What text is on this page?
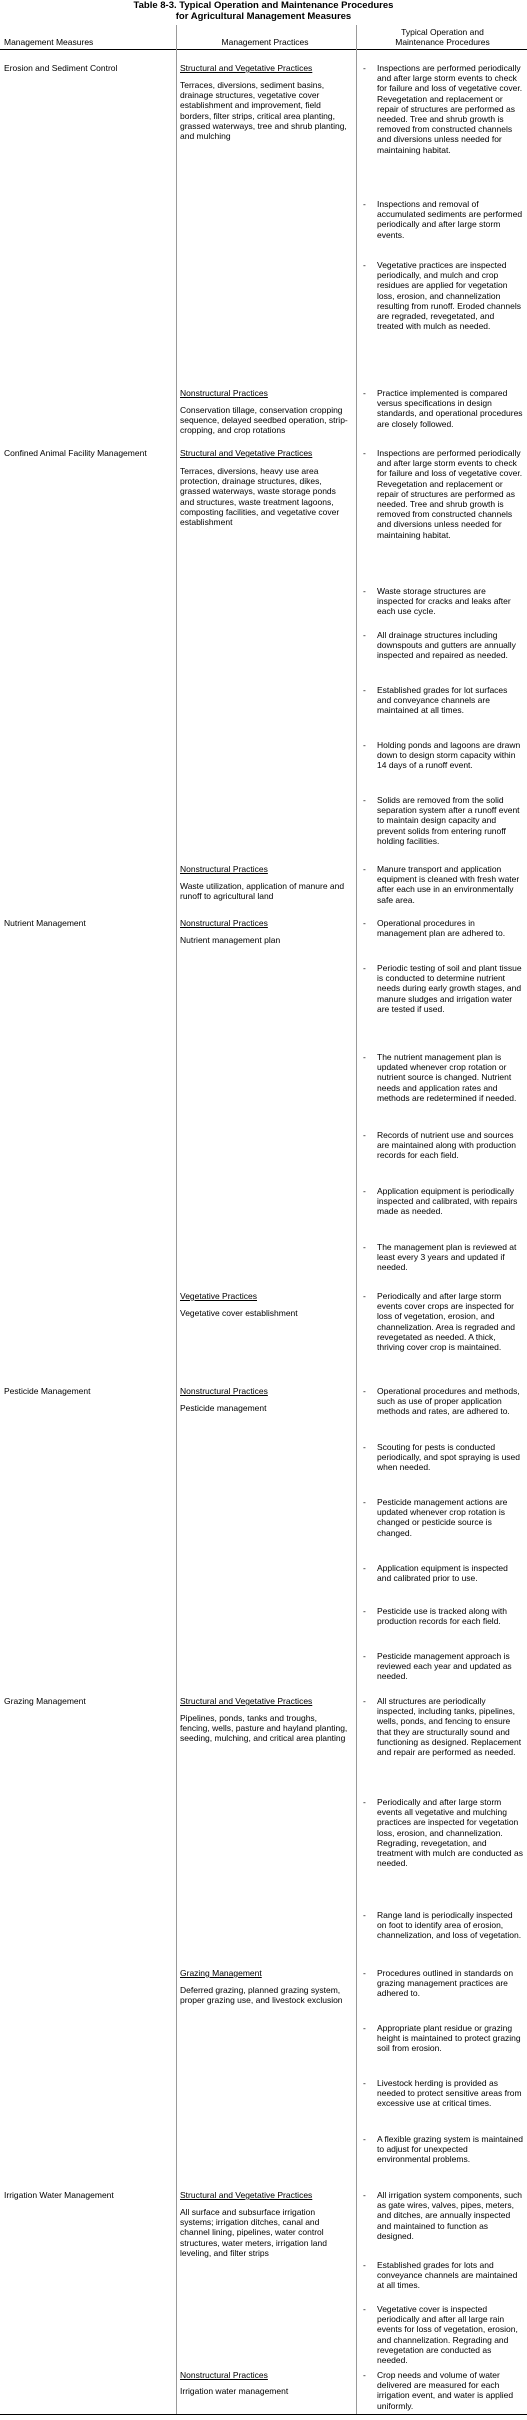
Table 8-3. Typical Operation and Maintenance Procedures
for Agricultural Management Measures
Management Measures	Management Practices
Typical Operation and
Maintenance Procedures
Erosion and Sediment Control	Structural and Vegetative Practices
Terraces, diversions, sediment basins, drainage structures, vegetative cover establishment and improvement, field borders, filter strips, critical area planting, grassed waterways, tree and shrub planting, and mulching
-	Inspections are performed periodically and after large storm events to check for failure and loss of vegetative cover. Revegetation and replacement or repair of structures are performed as needed. Tree and shrub growth is removed from constructed channels and diversions unless needed for maintaining habitat.
-	Inspections and removal of accumulated sediments are performed periodically and after large storm events.
-	Vegetative practices are inspected periodically, and mulch and crop residues are applied for vegetation loss, erosion, and channelization resulting from runoff. Eroded channels are regraded, revegetated, and treated with mulch as needed.
Nonstructural Practices
Conservation tillage, conservation cropping sequence, delayed seedbed operation, strip-cropping, and crop rotations
-	Practice implemented is compared versus specifications in design standards, and operational procedures are closely followed.
Confined Animal Facility Management	Structural and Vegetative Practices
Terraces, diversions, heavy use area protection, drainage structures, dikes, grassed waterways, waste storage ponds and structures, waste treatment lagoons, composting facilities, and vegetative cover establishment
-	Inspections are performed periodically and after large storm events to check for failure and loss of vegetative cover. Revegetation and replacement or repair of structures are performed as needed. Tree and shrub growth is removed from constructed channels and diversions unless needed for maintaining habitat.
-	Waste storage structures are inspected for cracks and leaks after each use cycle.
-	All drainage structures including downspouts and gutters are annually inspected and repaired as needed.
-	Established grades for lot surfaces and conveyance channels are maintained at all times.
-	Holding ponds and lagoons are drawn down to design storm capacity within 14 days of a runoff event.
-	Solids are removed from the solid separation system after a runoff event to maintain design capacity and prevent solids from entering runoff holding facilities.
Nonstructural Practices
Waste utilization, application of manure and runoff to agricultural land
-	Manure transport and application equipment is cleaned with fresh water after each use in an environmentally safe area.
Nutrient Management	Nonstructural Practices
Nutrient management plan
-	Operational procedures in management plan are adhered to.
-	Periodic testing of soil and plant tissue is conducted to determine nutrient needs during early growth stages, and manure sludges and irrigation water are tested if used.
-	The nutrient management plan is updated whenever crop rotation or nutrient source is changed. Nutrient needs and application rates and methods are redetermined if needed.
-	Records of nutrient use and sources are maintained along with production records for each field.
-	Application equipment is periodically inspected and calibrated, with repairs made as needed.
-	The management plan is reviewed at least every 3 years and updated if needed.
Vegetative Practices
Vegetative cover establishment
-	Periodically and after large storm events cover crops are inspected for loss of vegetation, erosion, and channelization. Area is regraded and revegetated as needed. A thick, thriving cover crop is maintained.
Pesticide Management	Nonstructural Practices
Pesticide management
-	Operational procedures and methods, such as use of proper application methods and rates, are adhered to.
-	Scouting for pests is conducted periodically, and spot spraying is used when needed.
-	Pesticide management actions are updated whenever crop rotation is changed or pesticide source is changed.
-	Application equipment is inspected and calibrated prior to use.
-	Pesticide use is tracked along with production records for each field.
-	Pesticide management approach is reviewed each year and updated as needed.
Grazing Management	Structural and Vegetative Practices
Pipelines, ponds, tanks and troughs, fencing, wells, pasture and hayland planting, seeding, mulching, and critical area planting
-	All structures are periodically inspected, including tanks, pipelines, wells, ponds, and fencing to ensure that they are structurally sound and functioning as designed. Replacement and repair are performed as needed.
-	Periodically and after large storm events all vegetative and mulching practices are inspected for vegetation loss, erosion, and channelization. Regrading, revegetation, and treatment with mulch are conducted as needed.
-	Range land is periodically inspected on foot to identify area of erosion, channelization, and loss of vegetation.
Grazing Management
Deferred grazing, planned grazing system, proper grazing use, and livestock exclusion
-	Procedures outlined in standards on grazing management practices are adhered to.
-	Appropriate plant residue or grazing height is maintained to protect grazing soil from erosion.
-	Livestock herding is provided as needed to protect sensitive areas from excessive use at critical times.
-	A flexible grazing system is maintained to adjust for unexpected environmental problems.
Irrigation Water Management	Structural and Vegetative Practices
All surface and subsurface irrigation systems; irrigation ditches, canal and channel lining, pipelines, water control structures, water meters, irrigation land leveling, and filter strips
-	All irrigation system components, such as gate wires, valves, pipes, meters, and ditches, are annually inspected and maintained to function as designed.
-	Established grades for lots and conveyance channels are maintained at all times.
-	Vegetative cover is inspected periodically and after all large rain events for loss of vegetation, erosion, and channelization. Regrading and revegetation are conducted as needed.
Nonstructural Practices
Irrigation water management
-	Crop needs and volume of water delivered are measured for each irrigation event, and water is applied uniformly.
